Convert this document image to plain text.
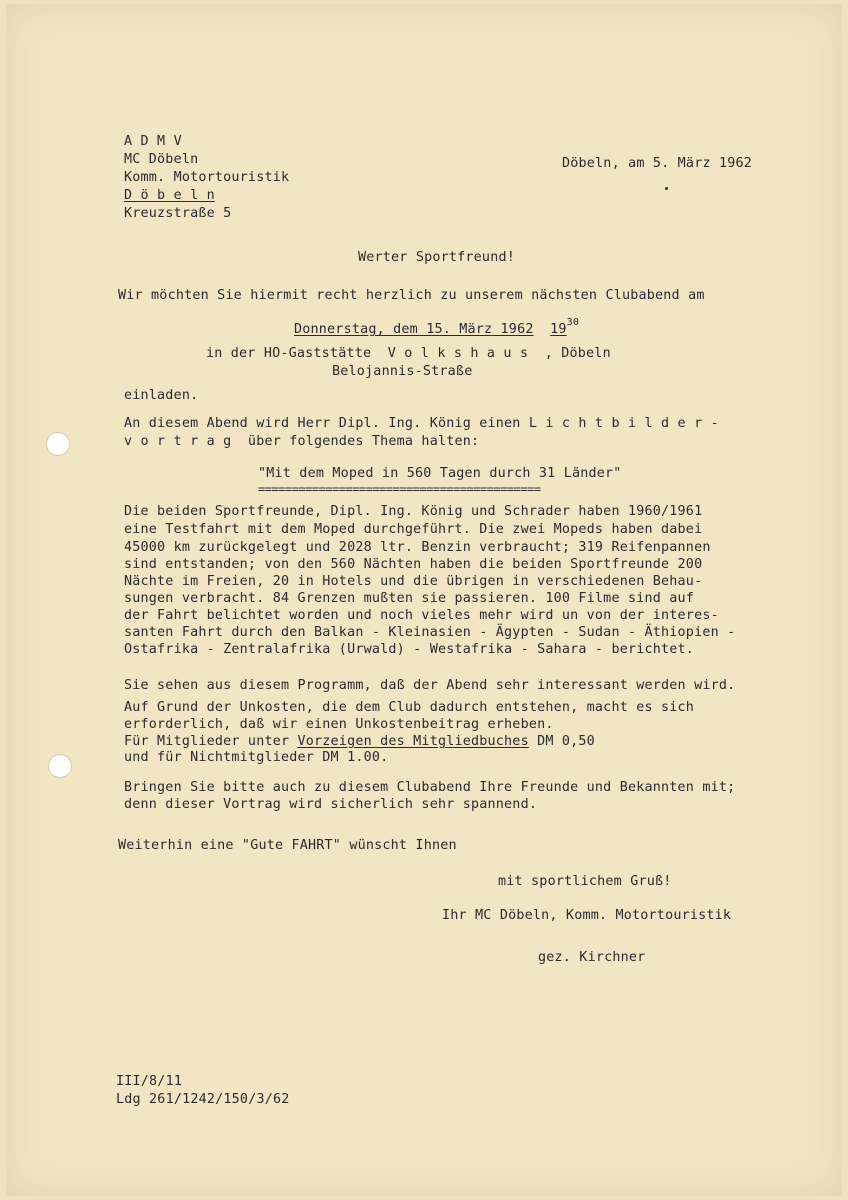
A D M V
MC Döbeln
Komm. Motortouristik
D ö b e l n
Kreuzstraße 5
Döbeln, am 5. März 1962
Werter Sportfreund!
Wir möchten Sie hiermit recht herzlich zu unserem nächsten Clubabend am
Donnerstag, dem 15. März 1962 $19^{30}$
in der HO-Gaststätte  V o l k s h a u s  , Döbeln
Belojannis-Straße
einladen.
An diesem Abend wird Herr Dipl. Ing. König einen L i c h t b i l d e r -
v o r t r a g  über folgendes Thema halten:
"Mit dem Moped in 560 Tagen durch 31 Länder"
==========================================
Die beiden Sportfreunde, Dipl. Ing. König und Schrader haben 1960/1961
eine Testfahrt mit dem Moped durchgeführt. Die zwei Mopeds haben dabei
45000 km zurückgelegt und 2028 ltr. Benzin verbraucht; 319 Reifenpannen
sind entstanden; von den 560 Nächten haben die beiden Sportfreunde 200
Nächte im Freien, 20 in Hotels und die übrigen in verschiedenen Behau-
sungen verbracht. 84 Grenzen mußten sie passieren. 100 Filme sind auf
der Fahrt belichtet worden und noch vieles mehr wird un von der interes-
santen Fahrt durch den Balkan - Kleinasien - Ägypten - Sudan - Äthiopien -
Ostafrika - Zentralafrika (Urwald) - Westafrika - Sahara - berichtet.
Sie sehen aus diesem Programm, daß der Abend sehr interessant werden wird.
Auf Grund der Unkosten, die dem Club dadurch entstehen, macht es sich
erforderlich, daß wir einen Unkostenbeitrag erheben.
Für Mitglieder unter Vorzeigen des Mitgliedbuches DM 0,50
und für Nichtmitglieder DM 1.00.
Bringen Sie bitte auch zu diesem Clubabend Ihre Freunde und Bekannten mit;
denn dieser Vortrag wird sicherlich sehr spannend.
Weiterhin eine "Gute FAHRT" wünscht Ihnen
mit sportlichem Gruß!
Ihr MC Döbeln, Komm. Motortouristik
gez. Kirchner
III/8/11
Ldg 261/1242/150/3/62
